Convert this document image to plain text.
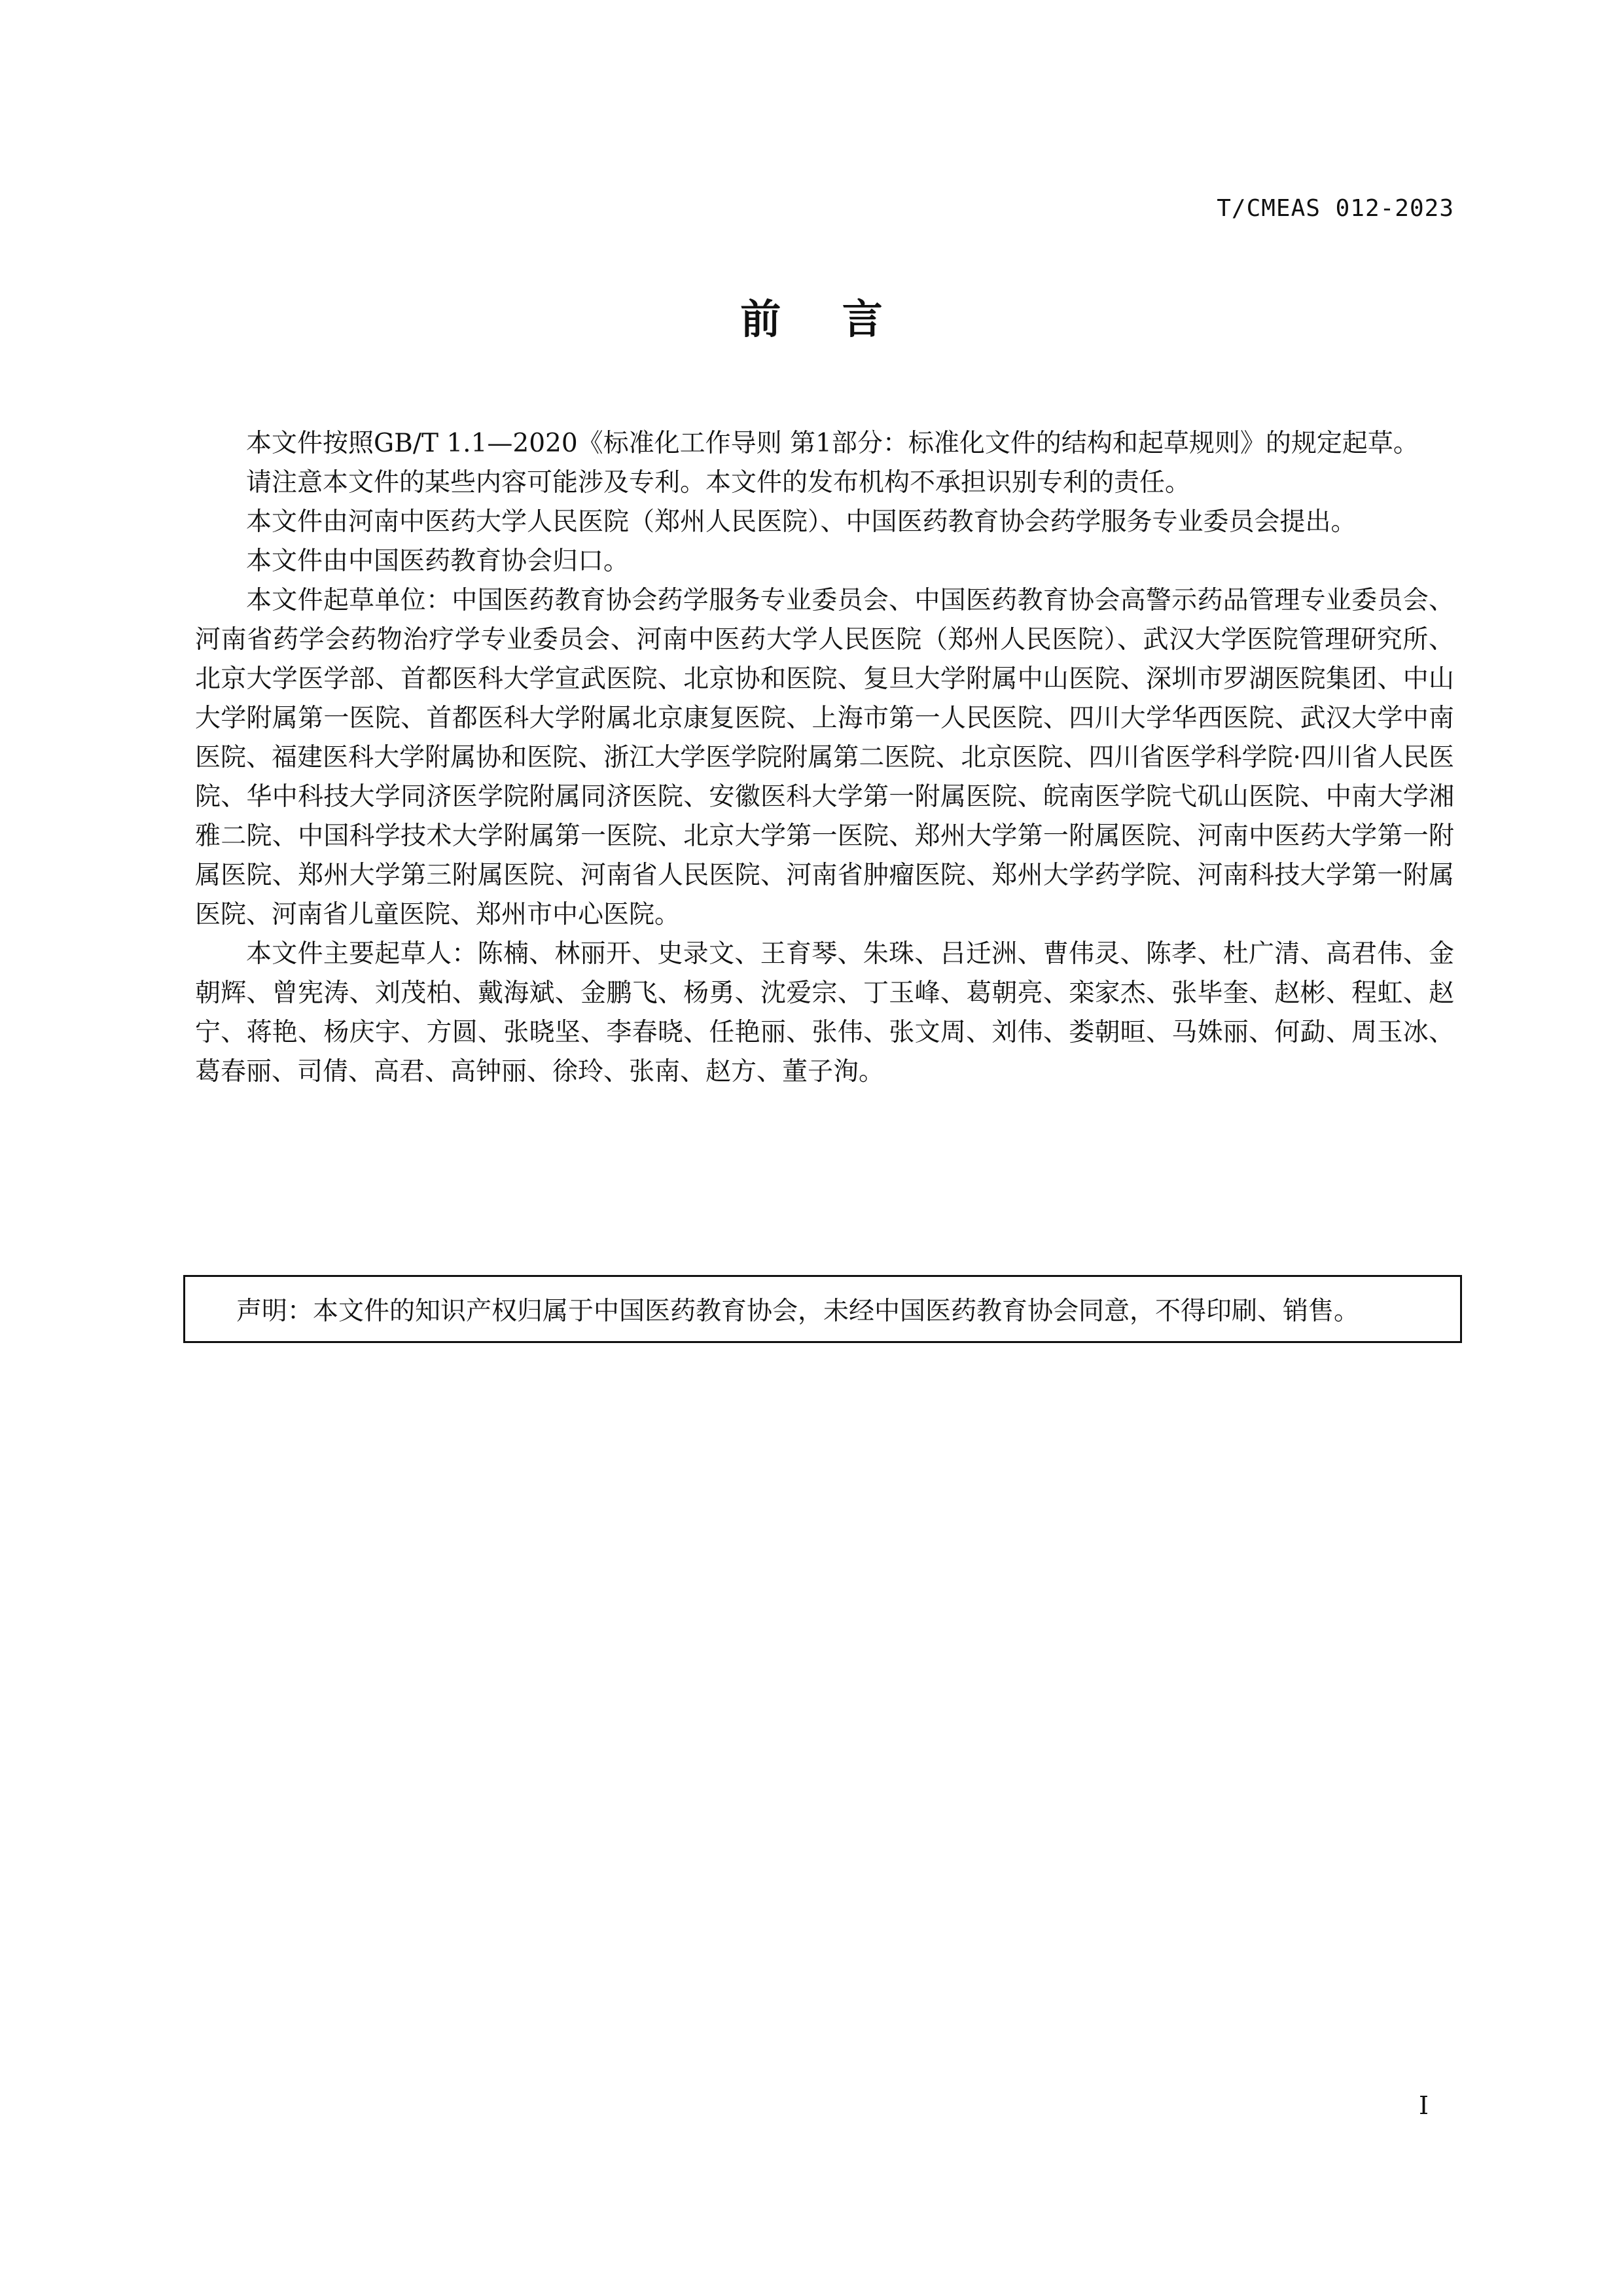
T/CMEAS 012-2023
前 言

本文件按照GB/T 1.1—2020《标准化工作导则 第1部分：标准化文件的结构和起草规则》的规定起草。

请注意本文件的某些内容可能涉及专利。本文件的发布机构不承担识别专利的责任。

本文件由河南中医药大学人民医院（郑州人民医院）、中国医药教育协会药学服务专业委员会提出。

本文件由中国医药教育协会归口。

本文件起草单位：中国医药教育协会药学服务专业委员会、中国医药教育协会高警示药品管理专业委员会、河南省药学会药物治疗学专业委员会、河南中医药大学人民医院（郑州人民医院）、武汉大学医院管理研究所、北京大学医学部、首都医科大学宣武医院、北京协和医院、复旦大学附属中山医院、深圳市罗湖医院集团、中山大学附属第一医院、首都医科大学附属北京康复医院、上海市第一人民医院、四川大学华西医院、武汉大学中南医院、福建医科大学附属协和医院、浙江大学医学院附属第二医院、北京医院、四川省医学科学院·四川省人民医院、华中科技大学同济医学院附属同济医院、安徽医科大学第一附属医院、皖南医学院弋矶山医院、中南大学湘雅二院、中国科学技术大学附属第一医院、北京大学第一医院、郑州大学第一附属医院、河南中医药大学第一附属医院、郑州大学第三附属医院、河南省人民医院、河南省肿瘤医院、郑州大学药学院、河南科技大学第一附属医院、河南省儿童医院、郑州市中心医院。

本文件主要起草人：陈楠、林丽开、史录文、王育琴、朱珠、吕迁洲、曹伟灵、陈孝、杜广清、高君伟、金朝辉、曾宪涛、刘茂柏、戴海斌、金鹏飞、杨勇、沈爱宗、丁玉峰、葛朝亮、栾家杰、张毕奎、赵彬、程虹、赵宁、蒋艳、杨庆宇、方圆、张晓坚、李春晓、任艳丽、张伟、张文周、刘伟、娄朝晅、马姝丽、何勐、周玉冰、葛春丽、司倩、高君、高钟丽、徐玲、张南、赵方、董子洵。

声明：本文件的知识产权归属于中国医药教育协会，未经中国医药教育协会同意，不得印刷、销售。
I
